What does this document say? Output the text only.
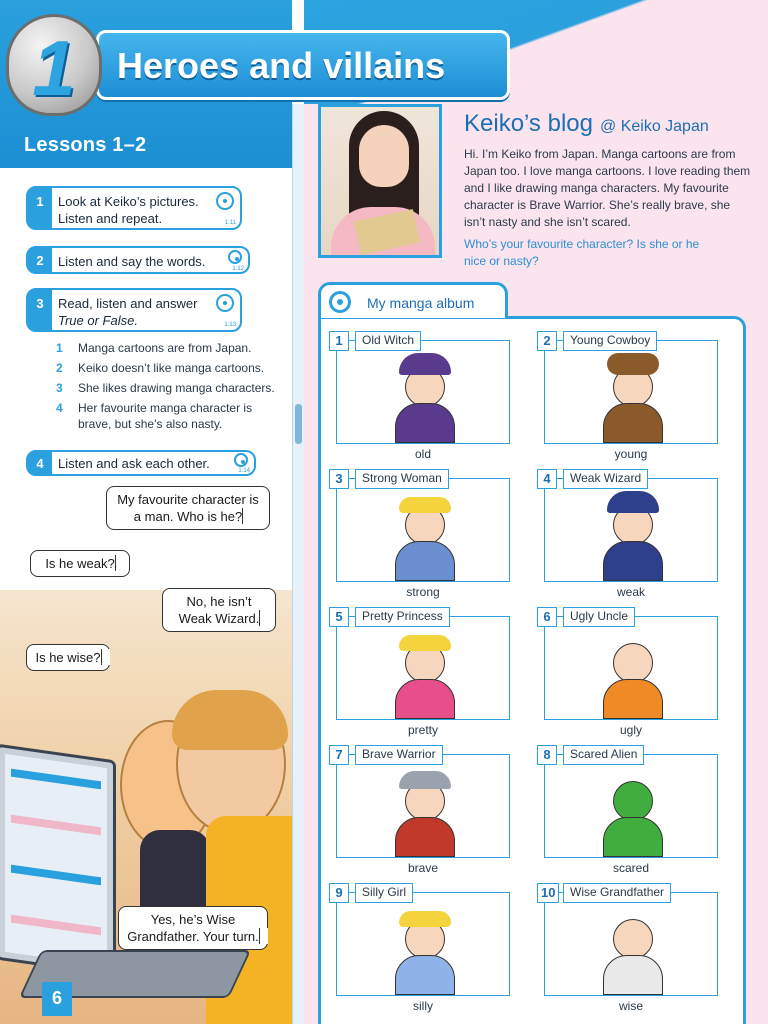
Lessons 1–2
1	Look at Keiko’s pictures.
Listen and repeat.	1:11
2	Listen and say the words.	1:12
3	Read, listen and answer
True or False.	1:13
1 Manga cartoons are from Japan.
2 Keiko doesn’t like manga cartoons.
3 She likes drawing manga characters.
4 Her favourite manga character is brave, but she’s also nasty.
4	Listen and ask each other.	1:14
My favourite character is a man. Who is he?
Is he weak?
No, he isn’t Weak Wizard.
Is he wise?
Yes, he’s Wise Grandfather. Your turn.
6
Keiko’s blog @ Keiko Japan
Hi. I’m Keiko from Japan. Manga cartoons are from Japan too. I love manga cartoons. I love reading them and I like drawing manga characters. My favourite character is Brave Warrior. She’s really brave, she isn’t nasty and she isn’t scared.
Who’s your favourite character? Is she or he nice or nasty?
My manga album
1	Old Witch
old
2	Young Cowboy
young
3	Strong Woman
strong
4	Weak Wizard
weak
5	Pretty Princess
pretty
6	Ugly Uncle
ugly
7	Brave Warrior
brave
8	Scared Alien
scared
9	Silly Girl
silly
10	Wise Grandfather
wise
Heroes and villains
1
